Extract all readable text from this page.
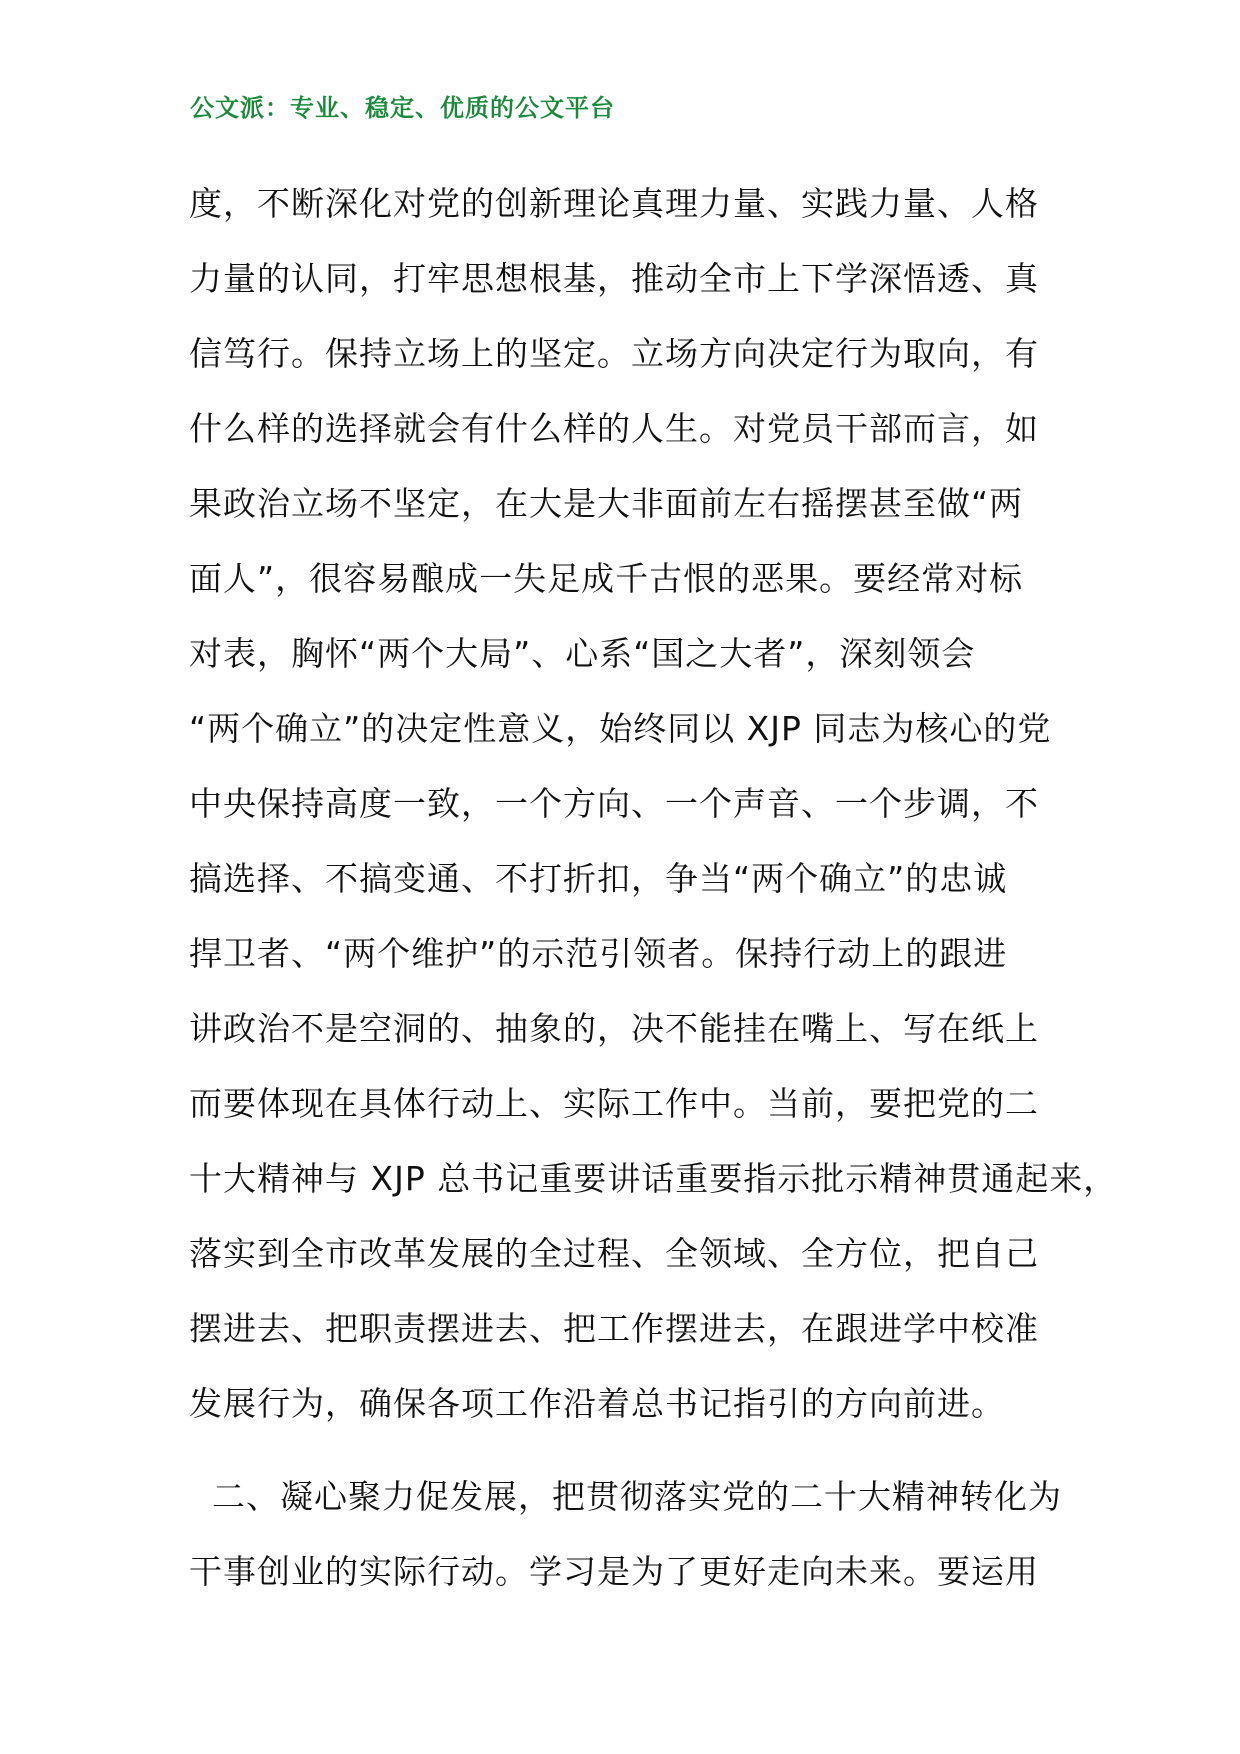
公文派：专业、稳定、优质的公文平台
度，不断深化对党的创新理论真理力量、实践力量、人格
力量的认同，打牢思想根基，推动全市上下学深悟透、真
信笃行。保持立场上的坚定。立场方向决定行为取向，有
什么样的选择就会有什么样的人生。对党员干部而言，如
果政治立场不坚定，在大是大非面前左右摇摆甚至做“两
面人”，很容易酿成一失足成千古恨的恶果。要经常对标
对表，胸怀“两个大局”、心系“国之大者”，深刻领会
“两个确立”的决定性意义，始终同以 XJP 同志为核心的党
中央保持高度一致，一个方向、一个声音、一个步调，不
搞选择、不搞变通、不打折扣，争当“两个确立”的忠诚
捍卫者、“两个维护”的示范引领者。保持行动上的跟进
讲政治不是空洞的、抽象的，决不能挂在嘴上、写在纸上
而要体现在具体行动上、实际工作中。当前，要把党的二
十大精神与 XJP 总书记重要讲话重要指示批示精神贯通起来，
落实到全市改革发展的全过程、全领域、全方位，把自己
摆进去、把职责摆进去、把工作摆进去，在跟进学中校准
发展行为，确保各项工作沿着总书记指引的方向前进。
二、凝心聚力促发展，把贯彻落实党的二十大精神转化为
干事创业的实际行动。学习是为了更好走向未来。要运用
